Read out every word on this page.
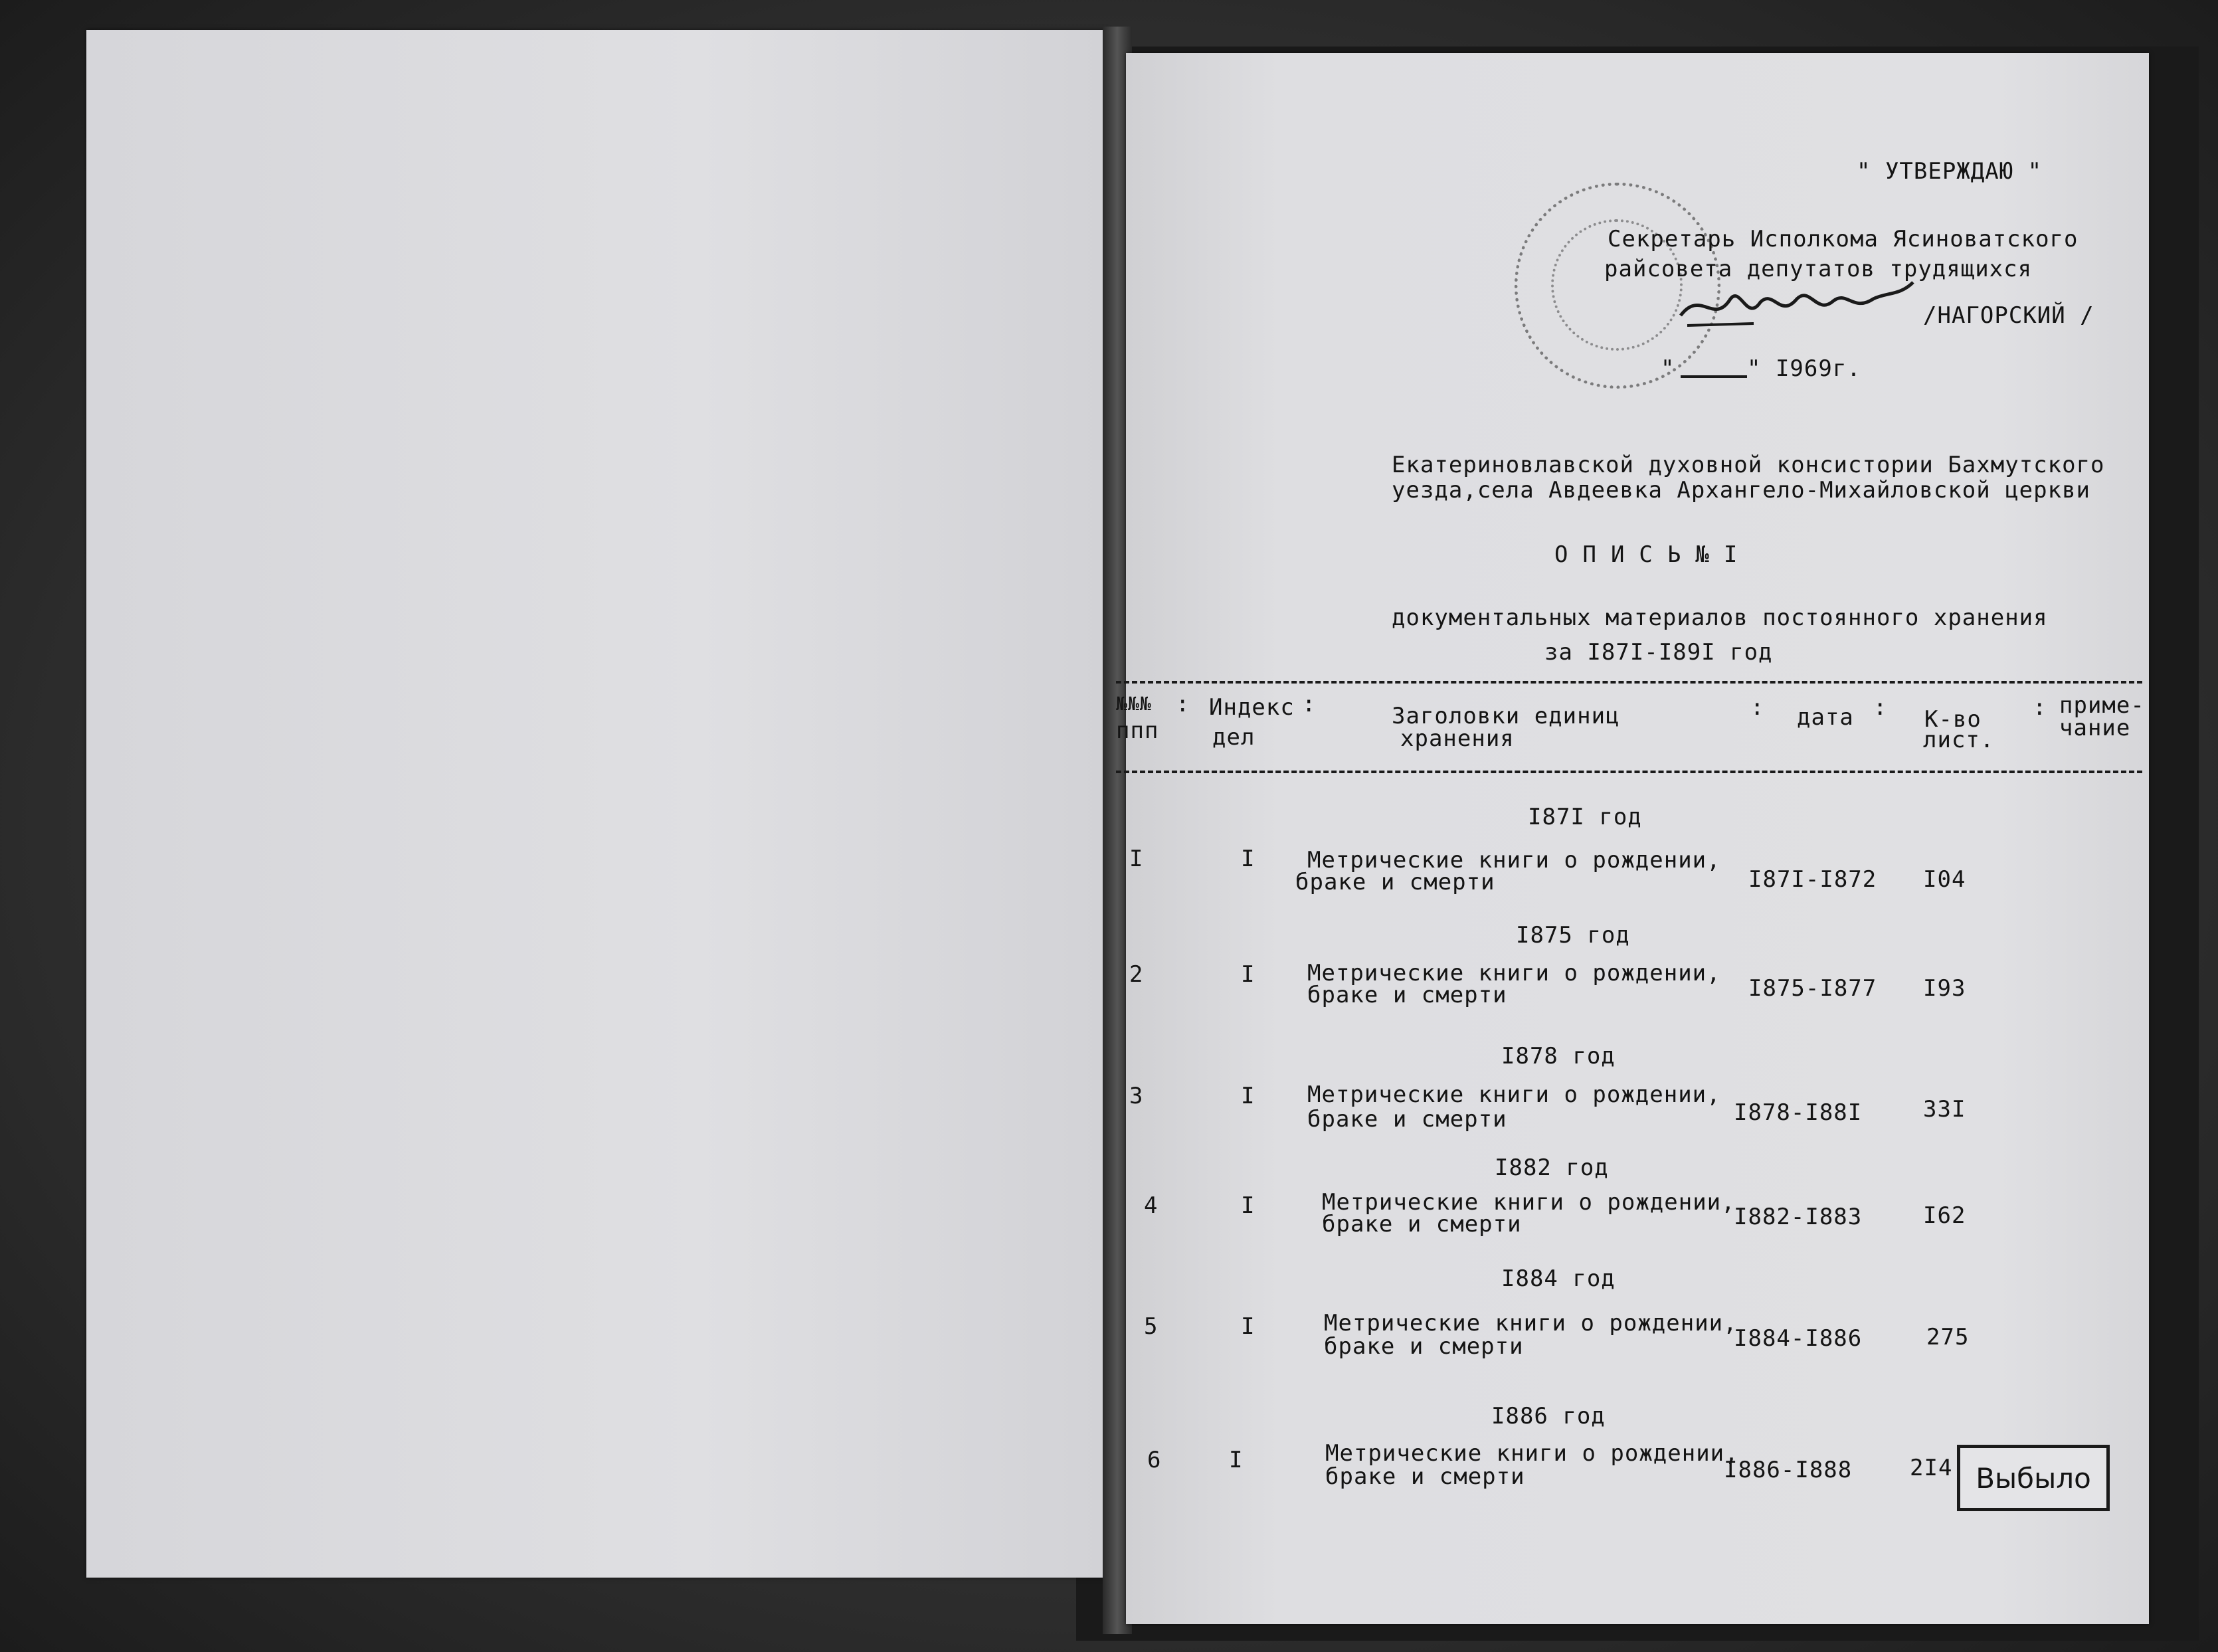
" УТВЕРЖДАЮ "
Секретарь Исполкома Ясиноватского
райсовета депутатов трудящихся
/НАГОРСКИЙ /
"	" I969г.
Екатериновлавской духовной консистории Бахмутского
уезда,села Авдеевка Архангело-Михайловской церкви
ОПИСЬ№I
документальных материалов постоянного хранения
за I87I-I89I год
№№№
ппп
: Индекс
дел
:	Заголовки единиц
хранения
: дата : К-во
лист.
: приме-
чание
I87I год
I	I Метрические книги о рождении,
браке и смерти	I87I-I872 I04
I875 год
2	I Метрические книги о рождении,
браке и смерти	I875-I877 I93
I878 год
3	I Метрические книги о рождении,
браке и смерти	I878-I88I	33I
I882 год
4	I	Метрические книги о рождении,
браке и смерти	I882-I883	I62
I884 год
5	I	Метрические книги о рождении,
браке и смерти	I884-I886	275
I886 год
6	I	Метрические книги о рождении,
браке и смерти	I886-I888	2I4 Выбыло
